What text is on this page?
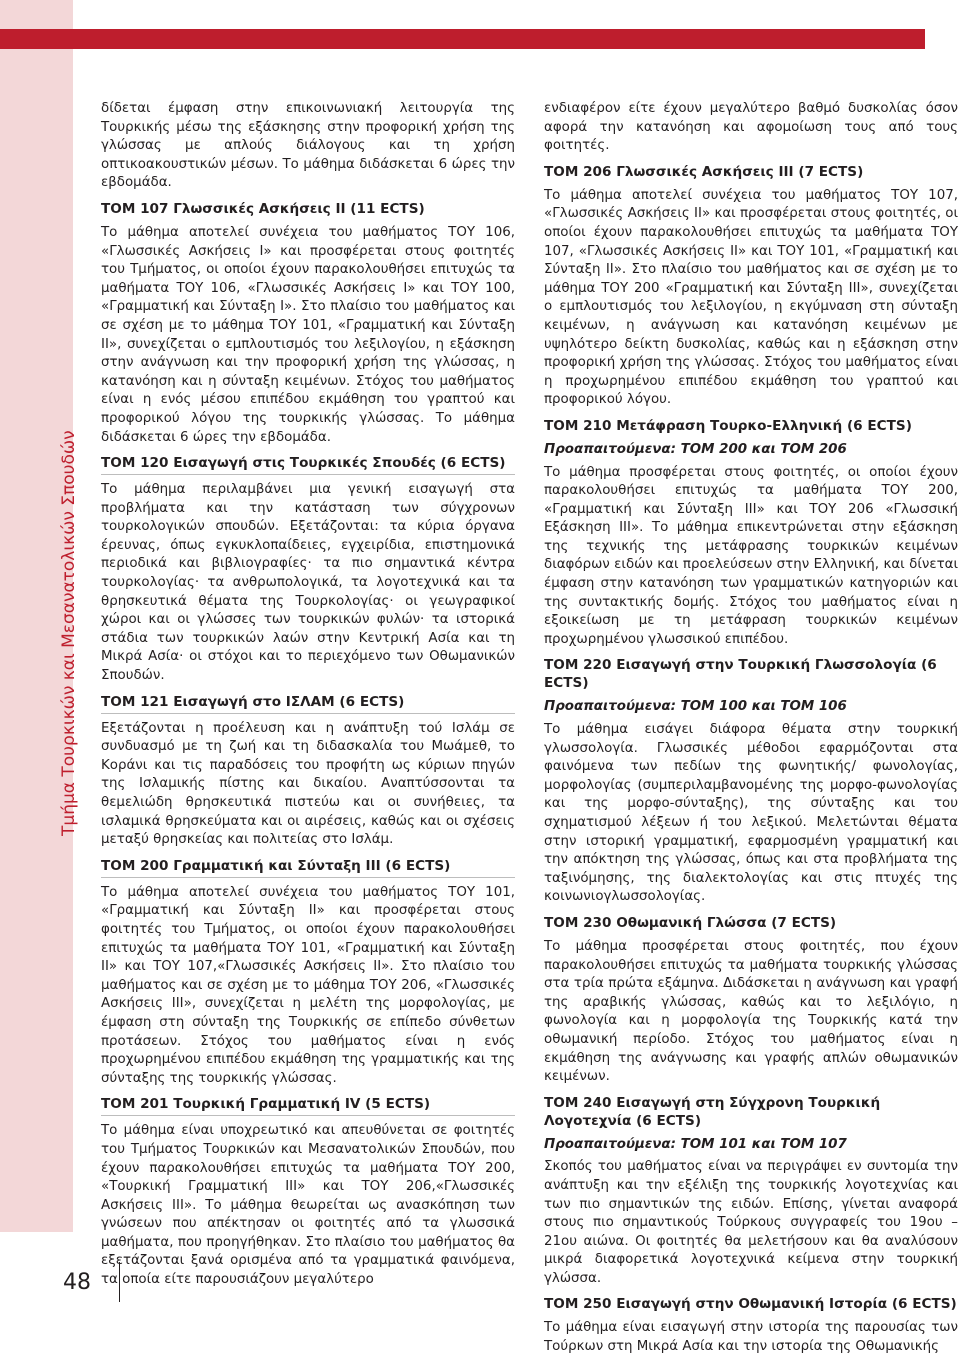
Τμήμα Τουρκικών και Μεσανατολικών Σπουδών
48

δίδεται έμφαση στην επικοινωνιακή λειτουργία της Τουρκικής μέσω της εξάσκησης στην προφορική χρήση της γλώσσας με απλούς διάλογους και τη χρήση οπτικοακουστικών μέσων. Το μάθημα διδάσκεται 6 ώρες την εβδομάδα.

ΤΟΜ 107 Γλωσσικές Ασκήσεις ΙΙ (11 ECTS)

Το μάθημα αποτελεί συνέχεια του μαθήματος ΤΟΥ 106, «Γλωσσικές Ασκήσεις Ι» και προσφέρεται στους φοιτητές του Τμήματος, οι οποίοι έχουν παρακολουθήσει επιτυχώς τα μαθήματα ΤΟΥ 106, «Γλωσσικές Ασκήσεις Ι» και ΤΟΥ 100, «Γραμματική και Σύνταξη Ι». Στο πλαίσιο του μαθήματος και σε σχέση με το μάθημα ΤΟΥ 101, «Γραμματική και Σύνταξη ΙΙ», συνεχίζεται ο εμπλουτισμός του λεξιλογίου, η εξάσκηση στην ανάγνωση και την προφορική χρήση της γλώσσας, η κατανόηση και η σύνταξη κειμένων. Στόχος του μαθήματος είναι η ενός μέσου επιπέδου εκμάθηση του γραπτού και προφορικού λόγου της τουρκικής γλώσσας. Το μάθημα διδάσκεται 6 ώρες την εβδομάδα.

ΤΟΜ 120 Εισαγωγή στις Τουρκικές Σπουδές (6 ECTS)

Το μάθημα περιλαμβάνει μια γενική εισαγωγή στα προβλήματα και την κατάσταση των σύγχρονων τουρκολογικών σπουδών. Εξετάζονται: τα κύρια όργανα έρευνας, όπως εγκυκλοπαίδειες, εγχειρίδια, επιστημονικά περιοδικά και βιβλιογραφίες· τα πιο σημαντικά κέντρα τουρκολογίας· τα ανθρωπολογικά, τα λογοτεχνικά και τα θρησκευτικά θέματα της Τουρκολογίας· οι γεωγραφικοί χώροι και οι γλώσσες των τουρκικών φυλών· τα ιστορικά στάδια των τουρκικών λαών στην Κεντρική Ασία και τη Μικρά Ασία· οι στόχοι και το περιεχόμενο των Οθωμανικών Σπουδών.

ΤΟΜ 121 Εισαγωγή στο ΙΣΛΑΜ (6 ECTS)

Εξετάζονται η προέλευση και η ανάπτυξη τού Ισλάμ σε συνδυασμό με τη ζωή και τη διδασκαλία του Μωάμεθ, το Κοράνι και τις παραδόσεις του προφήτη ως κύριων πηγών της Ισλαμικής πίστης και δικαίου. Αναπτύσσονται τα θεμελιώδη θρησκευτικά πιστεύω και οι συνήθειες, τα ισλαμικά θρησκεύματα και οι αιρέσεις, καθώς και οι σχέσεις μεταξύ θρησκείας και πολιτείας στο Ισλάμ.

ΤΟΜ 200 Γραμματική και Σύνταξη ΙΙΙ (6 ECTS)

Το μάθημα αποτελεί συνέχεια του μαθήματος ΤΟΥ 101, «Γραμματική και Σύνταξη ΙΙ» και προσφέρεται στους φοιτητές του Τμήματος, οι οποίοι έχουν παρακολουθήσει επιτυχώς τα μαθήματα ΤΟΥ 101, «Γραμματική και Σύνταξη ΙΙ» και ΤΟΥ 107,«Γλωσσικές Ασκήσεις ΙΙ». Στο πλαίσιο του μαθήματος και σε σχέση με το μάθημα ΤΟΥ 206, «Γλωσσικές Ασκήσεις ΙΙΙ», συνεχίζεται η μελέτη της μορφολογίας, με έμφαση στη σύνταξη της Τουρκικής σε επίπεδο σύνθετων προτάσεων. Στόχος του μαθήματος είναι η ενός προχωρημένου επιπέδου εκμάθηση της γραμματικής και της σύνταξης της τουρκικής γλώσσας.

ΤΟΜ 201 Τουρκική Γραμματική IV (5 ECTS)

Το μάθημα είναι υποχρεωτικό και απευθύνεται σε φοιτητές του Τμήματος Τουρκικών και Μεσανατολικών Σπουδών, που έχουν παρακολουθήσει επιτυχώς τα μαθήματα ΤΟΥ 200, «Τουρκική Γραμματική ΙΙΙ» και ΤΟΥ 206,«Γλωσσικές Ασκήσεις ΙΙΙ». Το μάθημα θεωρείται ως ανασκόπηση των γνώσεων που απέκτησαν οι φοιτητές από τα γλωσσικά μαθήματα, που προηγήθηκαν. Στο πλαίσιο του μαθήματος θα εξετάζονται ξανά ορισμένα από τα γραμματικά φαινόμενα, τα οποία είτε παρουσιάζουν μεγαλύτερο

ενδιαφέρον είτε έχουν μεγαλύτερο βαθμό δυσκολίας όσον αφορά την κατανόηση και αφομοίωση τους από τους φοιτητές.

ΤΟΜ 206 Γλωσσικές Ασκήσεις ΙΙΙ (7 ECTS)

Το μάθημα αποτελεί συνέχεια του μαθήματος ΤΟΥ 107, «Γλωσσικές Ασκήσεις ΙΙ» και προσφέρεται στους φοιτητές, οι οποίοι έχουν παρακολουθήσει επιτυχώς τα μαθήματα ΤΟΥ 107, «Γλωσσικές Ασκήσεις ΙΙ» και ΤΟΥ 101, «Γραμματική και Σύνταξη ΙΙ». Στο πλαίσιο του μαθήματος και σε σχέση με το μάθημα ΤΟΥ 200 «Γραμματική και Σύνταξη ΙΙΙ», συνεχίζεται ο εμπλουτισμός του λεξιλογίου, η εκγύμναση στη σύνταξη κειμένων, η ανάγνωση και κατανόηση κειμένων με υψηλότερο δείκτη δυσκολίας, καθώς και η εξάσκηση στην προφορική χρήση της γλώσσας. Στόχος του μαθήματος είναι η προχωρημένου επιπέδου εκμάθηση του γραπτού και προφορικού λόγου.

ΤΟΜ 210 Μετάφραση Τουρκο-Ελληνική (6 ECTS)
Προαπαιτούμενα: ΤΟΜ 200 και ΤΟΜ 206

Το μάθημα προσφέρεται στους φοιτητές, οι οποίοι έχουν παρακολουθήσει επιτυχώς τα μαθήματα ΤΟΥ 200, «Γραμματική και Σύνταξη ΙΙΙ» και ΤΟΥ 206 «Γλωσσική Εξάσκηση ΙΙΙ». Το μάθημα επικεντρώνεται στην εξάσκηση της τεχνικής της μετάφρασης τουρκικών κειμένων διαφόρων ειδών και προελεύσεων στην Ελληνική, και δίνεται έμφαση στην κατανόηση των γραμματικών κατηγοριών και της συντακτικής δομής. Στόχος του μαθήματος είναι η εξοικείωση με τη μετάφραση τουρκικών κειμένων προχωρημένου γλωσσικού επιπέδου.

ΤΟΜ 220 Εισαγωγή στην Τουρκική Γλωσσολογία (6 ECTS)
Προαπαιτούμενα: ΤΟΜ 100 και ΤΟΜ 106

Το μάθημα εισάγει διάφορα θέματα στην τουρκική γλωσσολογία. Γλωσσικές μέθοδοι εφαρμόζονται στα φαινόμενα των πεδίων της φωνητικής/ φωνολογίας, μορφολογίας (συμπεριλαμβανομένης της μορφο-φωνολογίας και της μορφο-σύνταξης), της σύνταξης και του σχηματισμού λέξεων ή του λεξικού. Μελετώνται θέματα στην ιστορική γραμματική, εφαρμοσμένη γραμματική και την απόκτηση της γλώσσας, όπως και στα προβλήματα της ταξινόμησης, της διαλεκτολογίας και στις πτυχές της κοινωνιογλωσσολογίας.

ΤΟΜ 230 Οθωμανική Γλώσσα (7 ECTS)

Το μάθημα προσφέρεται στους φοιτητές, που έχουν παρακολουθήσει επιτυχώς τα μαθήματα τουρκικής γλώσσας στα τρία πρώτα εξάμηνα. Διδάσκεται η ανάγνωση και γραφή της αραβικής γλώσσας, καθώς και το λεξιλόγιο, η φωνολογία και η μορφολογία της Τουρκικής κατά την οθωμανική περίοδο. Στόχος του μαθήματος είναι η εκμάθηση της ανάγνωσης και γραφής απλών οθωμανικών κειμένων.

ΤΟΜ 240 Εισαγωγή στη Σύγχρονη Τουρκική Λογοτεχνία (6 ECTS)
Προαπαιτούμενα: ΤΟΜ 101 και ΤΟΜ 107

Σκοπός του μαθήματος είναι να περιγράψει εν συντομία την ανάπτυξη και την εξέλιξη της τουρκικής λογοτεχνίας και των πιο σημαντικών της ειδών. Επίσης, γίνεται αναφορά στους πιο σημαντικούς Τούρκους συγγραφείς του 19ου – 21ου αιώνα. Οι φοιτητές θα μελετήσουν και θα αναλύσουν μικρά διαφορετικά λογοτεχνικά κείμενα στην τουρκική γλώσσα.

ΤΟΜ 250 Εισαγωγή στην Οθωμανική Ιστορία (6 ECTS)

Το μάθημα είναι εισαγωγή στην ιστορία της παρουσίας των Τούρκων στη Μικρά Ασία και την ιστορία της Οθωμανικής
